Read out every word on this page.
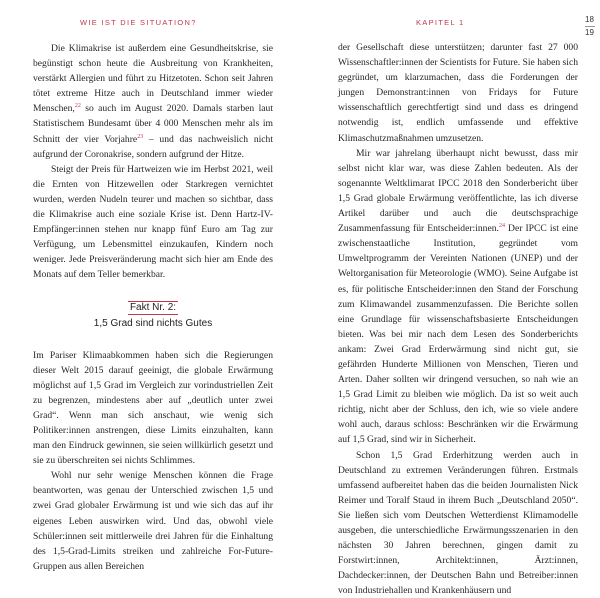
WIE IST DIE SITUATION?	KAPITEL 1	18
19

Die Klimakrise ist außerdem eine Gesundheitskrise, sie begünstigt schon heute die Ausbreitung von Krankheiten, verstärkt Allergien und führt zu Hitzetoten. Schon seit Jahren tötet extreme Hitze auch in Deutschland immer wieder Menschen,$^{22}$ so auch im August 2020. Damals starben laut Statistischem Bundesamt über 4 000 Menschen mehr als im Schnitt der vier Vorjahre$^{23}$ – und das nachweislich nicht aufgrund der Coronakrise, sondern aufgrund der Hitze.

Steigt der Preis für Hartweizen wie im Herbst 2021, weil die Ernten von Hitzewellen oder Starkregen vernichtet wurden, werden Nudeln teurer und machen so sichtbar, dass die Klimakrise auch eine soziale Krise ist. Denn Hartz-IV-Empfänger:innen stehen nur knapp fünf Euro am Tag zur Verfügung, um Lebensmittel einzukaufen, Kindern noch weniger. Jede Preisveränderung macht sich hier am Ende des Monats auf dem Teller bemerkbar.

Fakt Nr. 2:
1,5 Grad sind nichts Gutes

Im Pariser Klimaabkommen haben sich die Regierungen dieser Welt 2015 darauf geeinigt, die globale Erwärmung möglichst auf 1,5 Grad im Vergleich zur vorindustriellen Zeit zu begrenzen, mindestens aber auf „deutlich unter zwei Grad“. Wenn man sich anschaut, wie wenig sich Politiker:innen anstrengen, diese Limits einzuhalten, kann man den Eindruck gewinnen, sie seien willkürlich gesetzt und sie zu überschreiten sei nichts Schlimmes.

Wohl nur sehr wenige Menschen können die Frage beantworten, was genau der Unterschied zwischen 1,5 und zwei Grad globaler Erwärmung ist und wie sich das auf ihr eigenes Leben auswirken wird. Und das, obwohl viele Schüler:innen seit mittlerweile drei Jahren für die Einhaltung des 1,5-Grad-Limits streiken und zahlreiche For-Future-Gruppen aus allen Bereichen

der Gesellschaft diese unterstützen; darunter fast 27 000 Wissenschaftler:innen der Scientists for Future. Sie haben sich gegründet, um klarzumachen, dass die Forderungen der jungen Demonstrant:innen von Fridays for Future wissenschaftlich gerechtfertigt sind und dass es dringend notwendig ist, endlich umfassende und effektive Klimaschutzmaßnahmen umzusetzen.

Mir war jahrelang überhaupt nicht bewusst, dass mir selbst nicht klar war, was diese Zahlen bedeuten. Als der sogenannte Weltklimarat IPCC 2018 den Sonderbericht über 1,5 Grad globale Erwärmung veröffentlichte, las ich diverse Artikel darüber und auch die deutschsprachige Zusammenfassung für Entscheider:innen.$^{24}$ Der IPCC ist eine zwischenstaatliche Institution, gegründet vom Umweltprogramm der Vereinten Nationen (UNEP) und der Weltorganisation für Meteorologie (WMO). Seine Aufgabe ist es, für politische Entscheider:innen den Stand der Forschung zum Klimawandel zusammenzufassen. Die Berichte sollen eine Grundlage für wissenschaftsbasierte Entscheidungen bieten. Was bei mir nach dem Lesen des Sonderberichts ankam: Zwei Grad Erderwärmung sind nicht gut, sie gefährden Hunderte Millionen von Menschen, Tieren und Arten. Daher sollten wir dringend versuchen, so nah wie an 1,5 Grad Limit zu bleiben wie möglich. Da ist so weit auch richtig, nicht aber der Schluss, den ich, wie so viele andere wohl auch, daraus schloss: Beschränken wir die Erwärmung auf 1,5 Grad, sind wir in Sicherheit.

Schon 1,5 Grad Erderhitzung werden auch in Deutschland zu extremen Veränderungen führen. Erstmals umfassend aufbereitet haben das die beiden Journalisten Nick Reimer und Toralf Staud in ihrem Buch „Deutschland 2050“. Sie ließen sich vom Deutschen Wetterdienst Klimamodelle ausgeben, die unterschiedliche Erwärmungsszenarien in den nächsten 30 Jahren berechnen, gingen damit zu Forstwirt:innen, Architekt:innen, Ärzt:innen, Dachdecker:innen, der Deutschen Bahn und Betreiber:innen von Industriehallen und Krankenhäusern und
